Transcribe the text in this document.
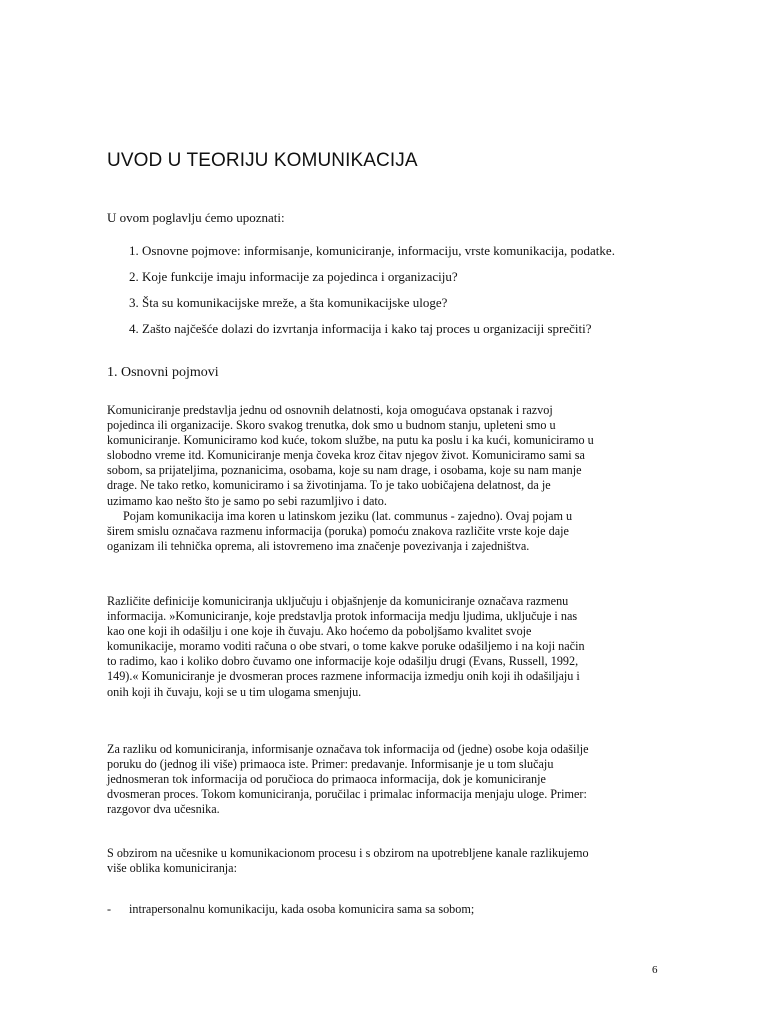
UVOD U TEORIJU KOMUNIKACIJA

U ovom poglavlju ćemo upoznati:

1. Osnovne pojmove: informisanje, komuniciranje, informaciju, vrste komunikacija, podatke.
2. Koje funkcije imaju informacije za pojedinca i organizaciju?
3. Šta su komunikacijske mreže, a šta komunikacijske uloge?
4. Zašto najčešće dolazi do izvrtanja informacija i kako taj proces u organizaciji sprečiti?
1. Osnovni pojmovi
Komuniciranje predstavlja jednu od osnovnih delatnosti, koja omogućava opstanak i razvoj
pojedinca ili organizacije. Skoro svakog trenutka, dok smo u budnom stanju, upleteni smo u
komuniciranje. Komuniciramo kod kuće, tokom službe, na putu ka poslu i ka kući, komuniciramo u
slobodno vreme itd. Komuniciranje menja čoveka kroz čitav njegov život. Komuniciramo sami sa
sobom, sa prijateljima, poznanicima, osobama, koje su nam drage, i osobama, koje su nam manje
drage. Ne tako retko, komuniciramo i sa životinjama. To je tako uobičajena delatnost, da je
uzimamo kao nešto što je samo po sebi razumljivo i dato.
Pojam komunikacija ima koren u latinskom jeziku (lat. communus - zajedno). Ovaj pojam u
širem smislu označava razmenu informacija (poruka) pomoću znakova različite vrste koje daje
oganizam ili tehnička oprema, ali istovremeno ima značenje povezivanja i zajedništva.
Različite definicije komuniciranja uključuju i objašnjenje da komuniciranje označava razmenu
informacija. »Komuniciranje, koje predstavlja protok informacija medju ljudima, uključuje i nas
kao one koji ih odašilju i one koje ih čuvaju. Ako hoćemo da poboljšamo kvalitet svoje
komunikacije, moramo voditi računa o obe stvari, o tome kakve poruke odašiljemo i na koji način
to radimo, kao i koliko dobro čuvamo one informacije koje odašilju drugi (Evans, Russell, 1992,
149).« Komuniciranje je dvosmeran proces razmene informacija izmedju onih koji ih odašiljaju i
onih koji ih čuvaju, koji se u tim ulogama smenjuju.
Za razliku od komuniciranja, informisanje označava tok informacija od (jedne) osobe koja odašilje
poruku do (jednog ili više) primaoca iste. Primer: predavanje. Informisanje je u tom slučaju
jednosmeran tok informacija od poručioca do primaoca informacija, dok je komuniciranje
dvosmeran proces. Tokom komuniciranja, poručilac i primalac informacija menjaju uloge. Primer:
razgovor dva učesnika.
S obzirom na učesnike u komunikacionom procesu i s obzirom na upotrebljene kanale razlikujemo
više oblika komuniciranja:

- intrapersonalnu komunikaciju, kada osoba komunicira sama sa sobom;

6
